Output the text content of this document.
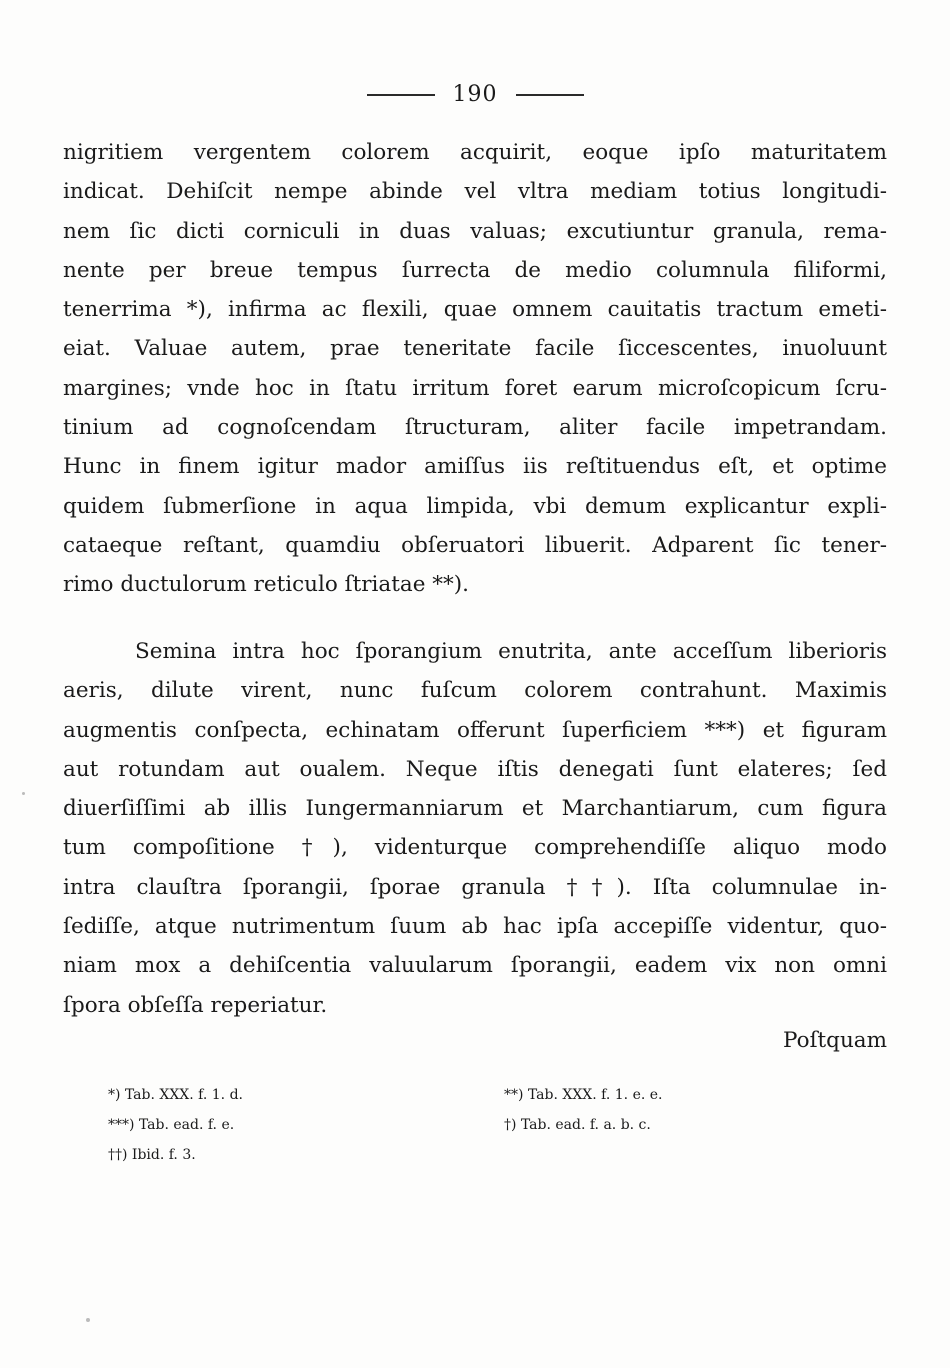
190
nigritiem vergentem colorem acquirit, eoque ipſo maturitatem
indicat. Dehiſcit nempe abinde vel vltra mediam totius longitudi-
nem ſic dicti corniculi in duas valuas; excutiuntur granula, rema-
nente per breue tempus ſurrecta de medio columnula filiformi,
tenerrima *), infirma ac flexili, quae omnem cauitatis tractum emeti-
eiat. Valuae autem, prae teneritate facile ſiccescentes, inuoluunt
margines; vnde hoc in ſtatu irritum foret earum microſcopicum ſcru-
tinium ad cognoſcendam ſtructuram, aliter facile impetrandam.
Hunc in finem igitur mador amiſſus iis reſtituendus eſt, et optime
quidem ſubmerſione in aqua limpida, vbi demum explicantur expli-
cataeque reſtant, quamdiu obſeruatori libuerit. Adparent ſic tener-
rimo ductulorum reticulo ſtriatae **).
Semina intra hoc ſporangium enutrita, ante acceſſum liberioris
aeris, dilute virent, nunc fuſcum colorem contrahunt. Maximis
augmentis conſpecta, echinatam offerunt ſuperficiem ***) et figuram
aut rotundam aut oualem. Neque iſtis denegati ſunt elateres; ſed
diuerſiſſimi ab illis Iungermanniarum et Marchantiarum, cum figura
tum compoſitione †), videnturque comprehendiſſe aliquo modo
intra clauſtra ſporangii, ſporae granula ††). Iſta columnulae in-
ſediſſe, atque nutrimentum ſuum ab hac ipſa accepiſſe videntur, quo-
niam mox a dehiſcentia valuularum ſporangii, eadem vix non omni
ſpora obſeſſa reperiatur.
Poſtquam
*) Tab. XXX. f. 1. d.	**) Tab. XXX. f. 1. e. e.
***) Tab. ead. f. e.	†) Tab. ead. f. a. b. c.
††) Ibid. f. 3.
